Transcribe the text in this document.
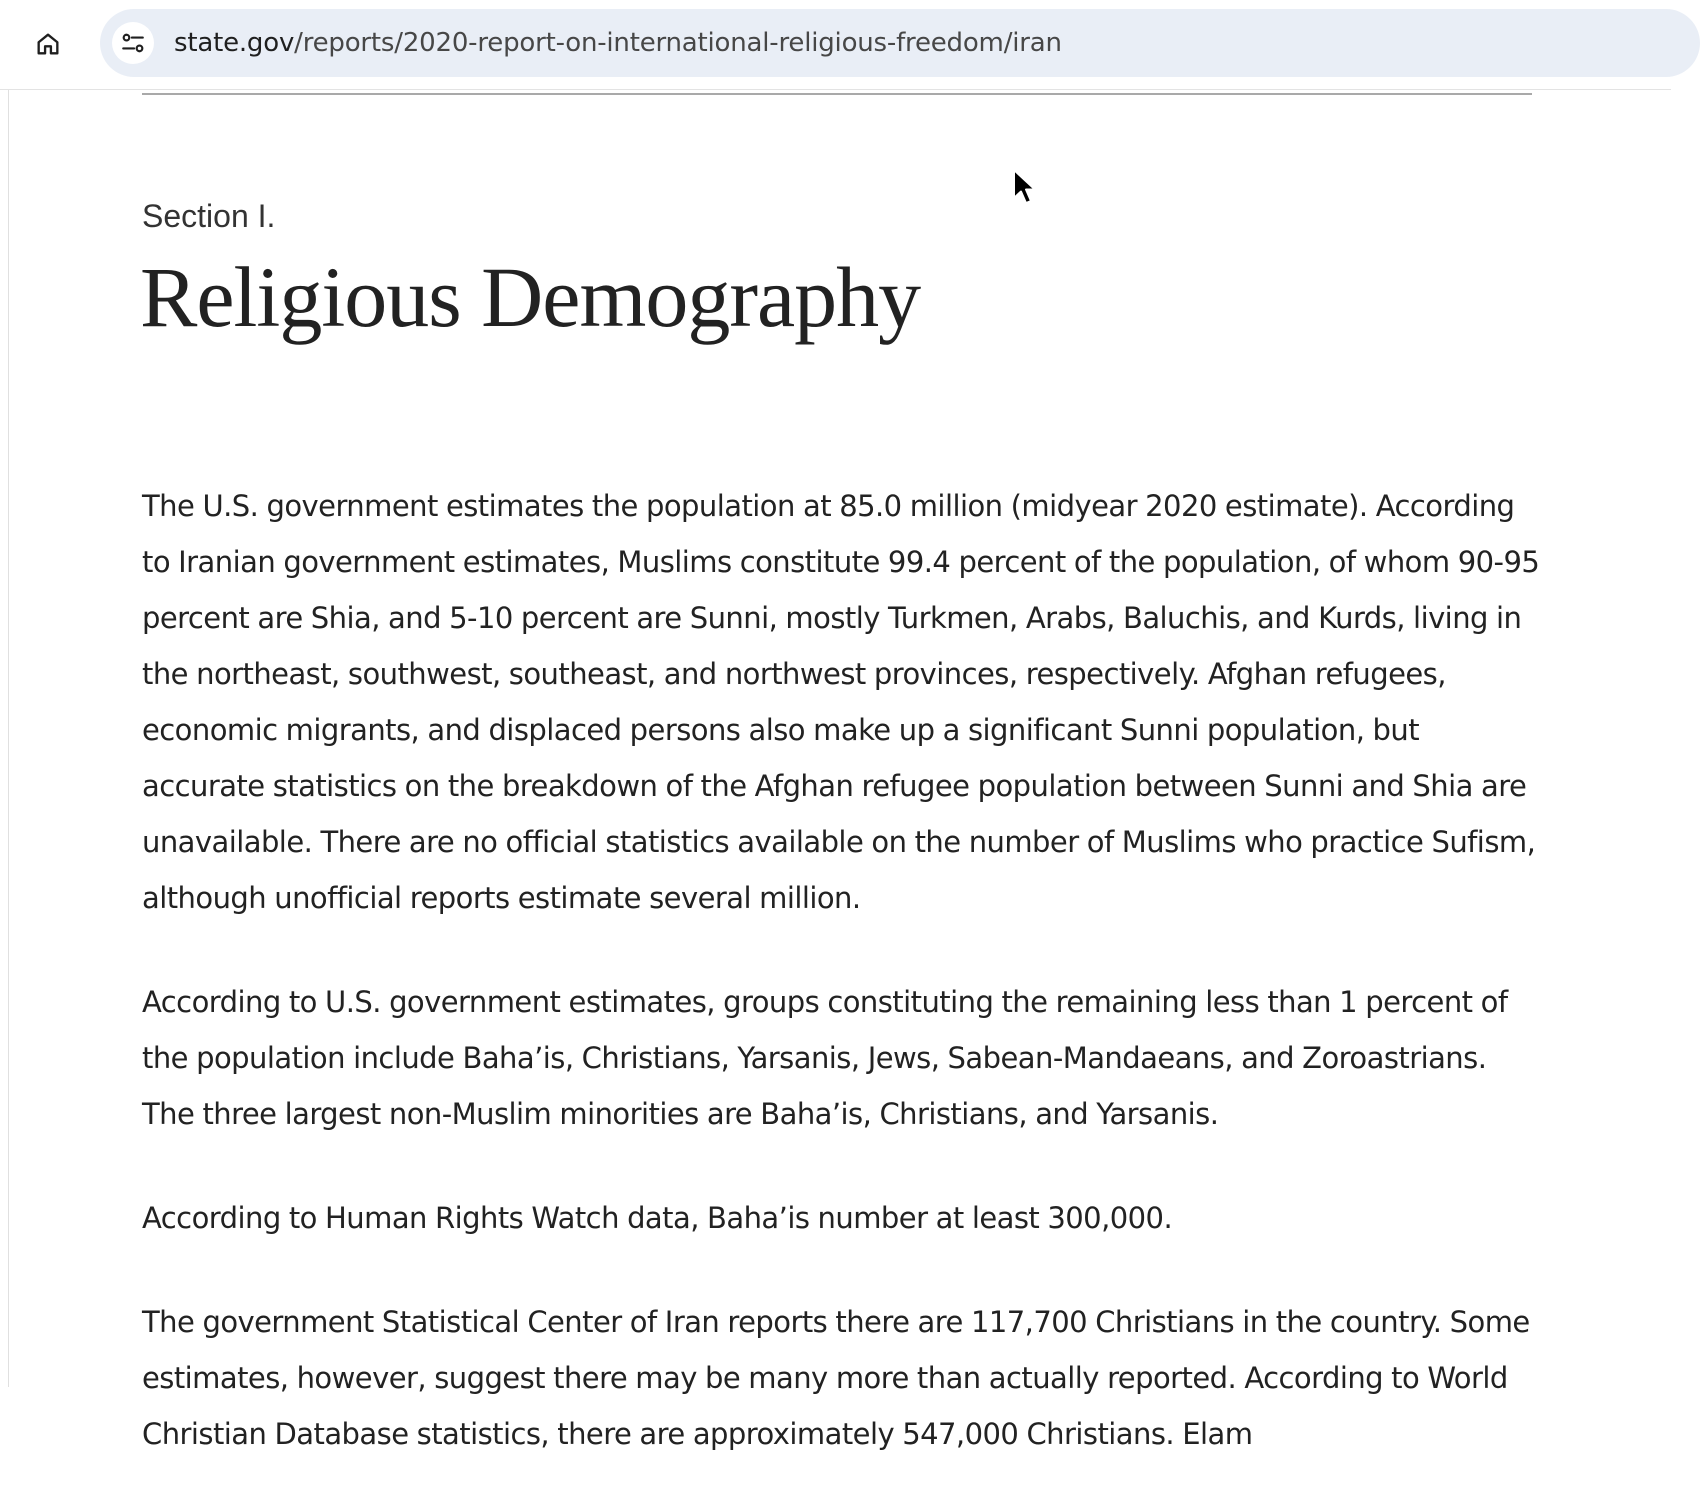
state.gov/reports/2020-report-on-international-religious-freedom/iran
Section I.
Religious Demography

The U.S. government estimates the population at 85.0 million (midyear 2020 estimate). According to Iranian government estimates, Muslims constitute 99.4 percent of the population, of whom 90-95 percent are Shia, and 5-10 percent are Sunni, mostly Turkmen, Arabs, Baluchis, and Kurds, living in the northeast, southwest, southeast, and northwest provinces, respectively. Afghan refugees, economic migrants, and displaced persons also make up a significant Sunni population, but accurate statistics on the breakdown of the Afghan refugee population between Sunni and Shia are unavailable. There are no official statistics available on the number of Muslims who practice Sufism, although unofficial reports estimate several million.

According to U.S. government estimates, groups constituting the remaining less than 1 percent of the population include Baha’is, Christians, Yarsanis, Jews, Sabean-Mandaeans, and Zoroastrians. The three largest non-Muslim minorities are Baha’is, Christians, and Yarsanis.

According to Human Rights Watch data, Baha’is number at least 300,000.

The government Statistical Center of Iran reports there are 117,700 Christians in the country. Some estimates, however, suggest there may be many more than actually reported. According to World Christian Database statistics, there are approximately 547,000 Christians. Elam
